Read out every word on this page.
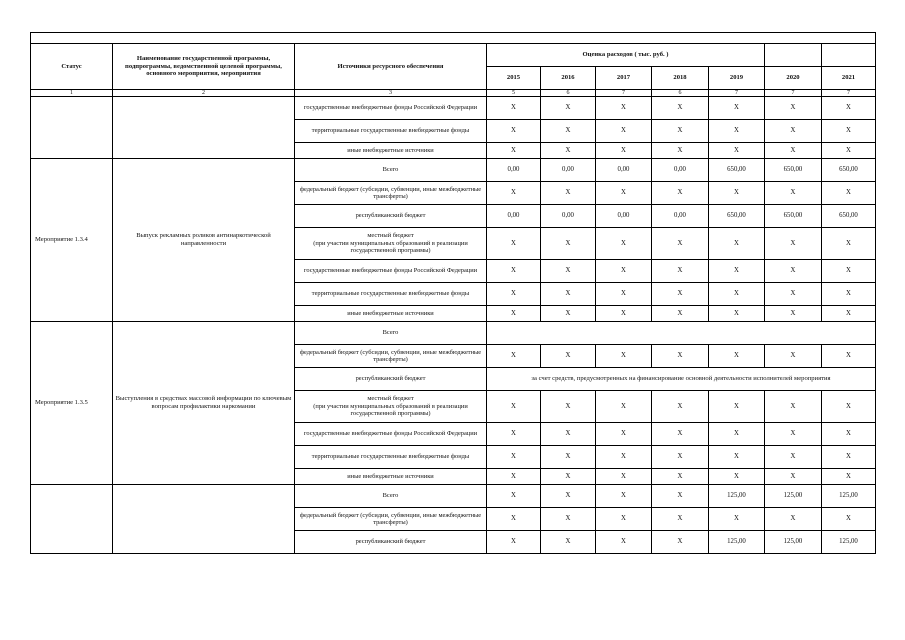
Статус	Наименование государственной программы, подпрограммы, ведомственной целевой программы, основного мероприятия, мероприятия	Источники ресурсного обеспечения	Оценка расходов ( тыс. руб. )						
			2015	2016	2017	2018	2019	2020	2021
1	2	3	5	6	7	6	7	7	7
		государственные внебюджетные фонды Российской Федерации	X	X	X	X	X	X	X
		территориальные государственные внебюджетные фонды	X	X	X	X	X	X	X
		иные внебюджетные источники	X	X	X	X	X	X	X
Мероприятие 1.3.4	Выпуск рекламных роликов антинаркотической направленности	Всего	0,00	0,00	0,00	0,00	650,00	650,00	650,00
		федеральный бюджет (субсидии, субвенции, иные межбюджетные трансферты)	X	X	X	X	X	X	X
		республиканский бюджет	0,00	0,00	0,00	0,00	650,00	650,00	650,00
		местный бюджет
(при участии муниципальных образований в реализации государственной программы)	X	X	X	X	X	X	X
		государственные внебюджетные фонды Российской Федерации	X	X	X	X	X	X	X
		территориальные государственные внебюджетные фонды	X	X	X	X	X	X	X
		иные внебюджетные источники	X	X	X	X	X	X	X
Мероприятие 1.3.5	Выступления в средствах массовой информации по ключевым вопросам профилактики наркомании	Всего							
		федеральный бюджет (субсидии, субвенции, иные межбюджетные трансферты)	X	X	X	X	X	X	X
		республиканский бюджет	за счет средств, предусмотренных на финансирование основной деятельности исполнителей мероприятия						
		местный бюджет
(при участии муниципальных образований в реализации государственной программы)	X	X	X	X	X	X	X
		государственные внебюджетные фонды Российской Федерации	X	X	X	X	X	X	X
		территориальные государственные внебюджетные фонды	X	X	X	X	X	X	X
		иные внебюджетные источники	X	X	X	X	X	X	X
		Всего	X	X	X	X	125,00	125,00	125,00
		федеральный бюджет (субсидии, субвенции, иные межбюджетные трансферты)	X	X	X	X	X	X	X
		республиканский бюджет	X	X	X	X	125,00	125,00	125,00
